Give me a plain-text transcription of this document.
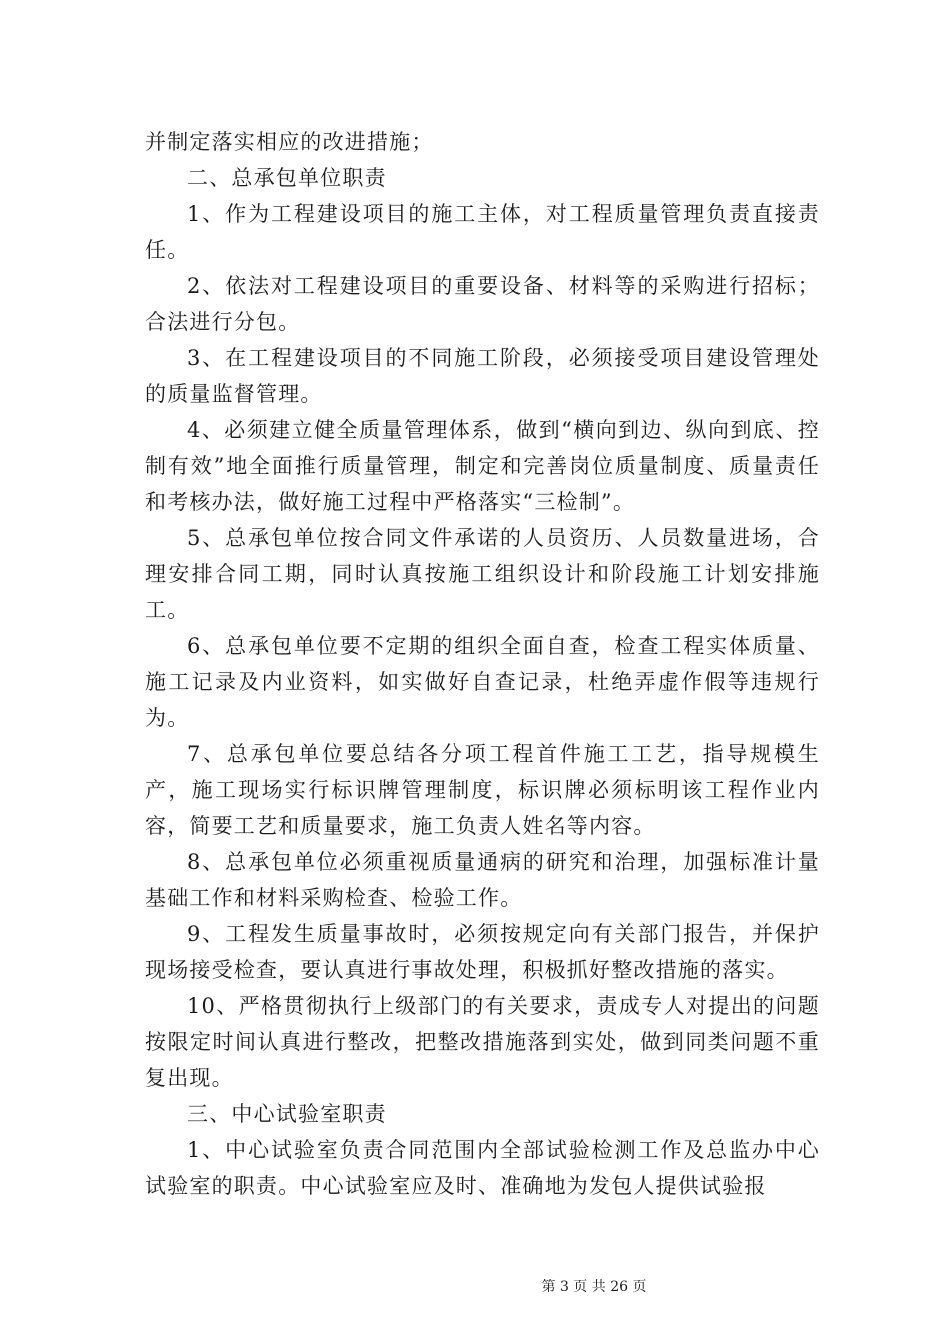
并制定落实相应的改进措施；

二、总承包单位职责

1、作为工程建设项目的施工主体，对工程质量管理负责直接责任。

2、依法对工程建设项目的重要设备、材料等的采购进行招标；合法进行分包。

3、在工程建设项目的不同施工阶段，必须接受项目建设管理处的质量监督管理。

4、必须建立健全质量管理体系，做到“横向到边、纵向到底、控制有效”地全面推行质量管理，制定和完善岗位质量制度、质量责任和考核办法，做好施工过程中严格落实“三检制”。

5、总承包单位按合同文件承诺的人员资历、人员数量进场，合理安排合同工期，同时认真按施工组织设计和阶段施工计划安排施工。

6、总承包单位要不定期的组织全面自查，检查工程实体质量、施工记录及内业资料，如实做好自查记录，杜绝弄虚作假等违规行为。

7、总承包单位要总结各分项工程首件施工工艺，指导规模生产，施工现场实行标识牌管理制度，标识牌必须标明该工程作业内容，简要工艺和质量要求，施工负责人姓名等内容。

8、总承包单位必须重视质量通病的研究和治理，加强标准计量基础工作和材料采购检查、检验工作。

9、工程发生质量事故时，必须按规定向有关部门报告，并保护现场接受检查，要认真进行事故处理，积极抓好整改措施的落实。

10、严格贯彻执行上级部门的有关要求，责成专人对提出的问题按限定时间认真进行整改，把整改措施落到实处，做到同类问题不重复出现。

三、中心试验室职责

1、中心试验室负责合同范围内全部试验检测工作及总监办中心试验室的职责。中心试验室应及时、准确地为发包人提供试验报

第 3 页 共 26 页
